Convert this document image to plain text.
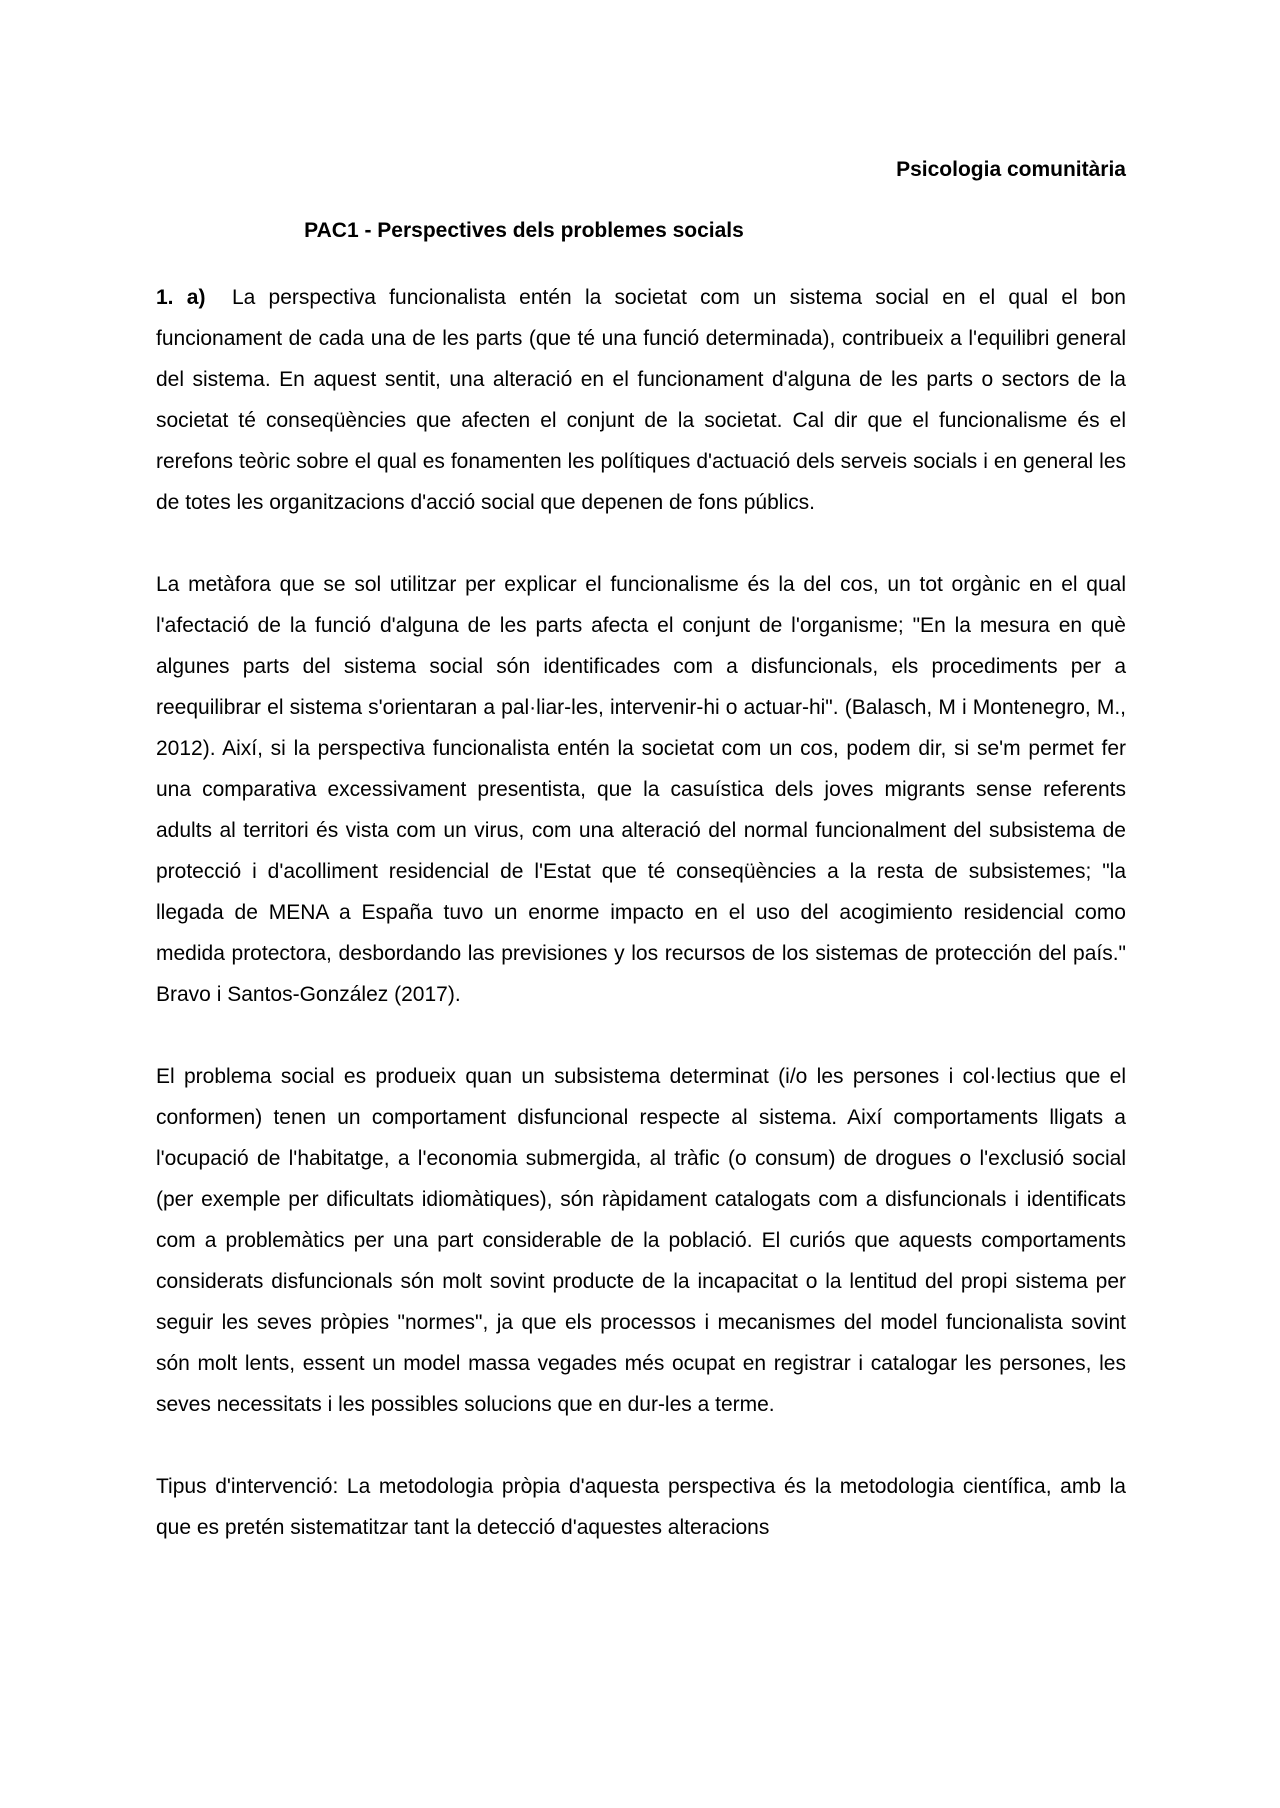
Psicologia comunitària
PAC1 - Perspectives dels problemes socials

1. a) La perspectiva funcionalista entén la societat com un sistema social en el qual el bon funcionament de cada una de les parts (que té una funció determinada), contribueix a l'equilibri general del sistema. En aquest sentit, una alteració en el funcionament d'alguna de les parts o sectors de la societat té conseqüències que afecten el conjunt de la societat. Cal dir que el funcionalisme és el rerefons teòric sobre el qual es fonamenten les polítiques d'actuació dels serveis socials i en general les de totes les organitzacions d'acció social que depenen de fons públics.

La metàfora que se sol utilitzar per explicar el funcionalisme és la del cos, un tot orgànic en el qual l'afectació de la funció d'alguna de les parts afecta el conjunt de l'organisme; "En la mesura en què algunes parts del sistema social són identificades com a disfuncionals, els procediments per a reequilibrar el sistema s'orientaran a pal·liar-les, intervenir-hi o actuar-hi". (Balasch, M i Montenegro, M., 2012). Així, si la perspectiva funcionalista entén la societat com un cos, podem dir, si se'm permet fer una comparativa excessivament presentista, que la casuística dels joves migrants sense referents adults al territori és vista com un virus, com una alteració del normal funcionalment del subsistema de protecció i d'acolliment residencial de l'Estat que té conseqüències a la resta de subsistemes; "la llegada de MENA a España tuvo un enorme impacto en el uso del acogimiento residencial como medida protectora, desbordando las previsiones y los recursos de los sistemas de protección del país." Bravo i Santos-González (2017).

El problema social es produeix quan un subsistema determinat (i/o les persones i col·lectius que el conformen) tenen un comportament disfuncional respecte al sistema. Així comportaments lligats a l'ocupació de l'habitatge, a l'economia submergida, al tràfic (o consum) de drogues o l'exclusió social (per exemple per dificultats idiomàtiques), són ràpidament catalogats com a disfuncionals i identificats com a problemàtics per una part considerable de la població. El curiós que aquests comportaments considerats disfuncionals són molt sovint producte de la incapacitat o la lentitud del propi sistema per seguir les seves pròpies "normes", ja que els processos i mecanismes del model funcionalista sovint són molt lents, essent un model massa vegades més ocupat en registrar i catalogar les persones, les seves necessitats i les possibles solucions que en dur-les a terme.

Tipus d'intervenció: La metodologia pròpia d'aquesta perspectiva és la metodologia científica, amb la que es pretén sistematitzar tant la detecció d'aquestes alteracions
